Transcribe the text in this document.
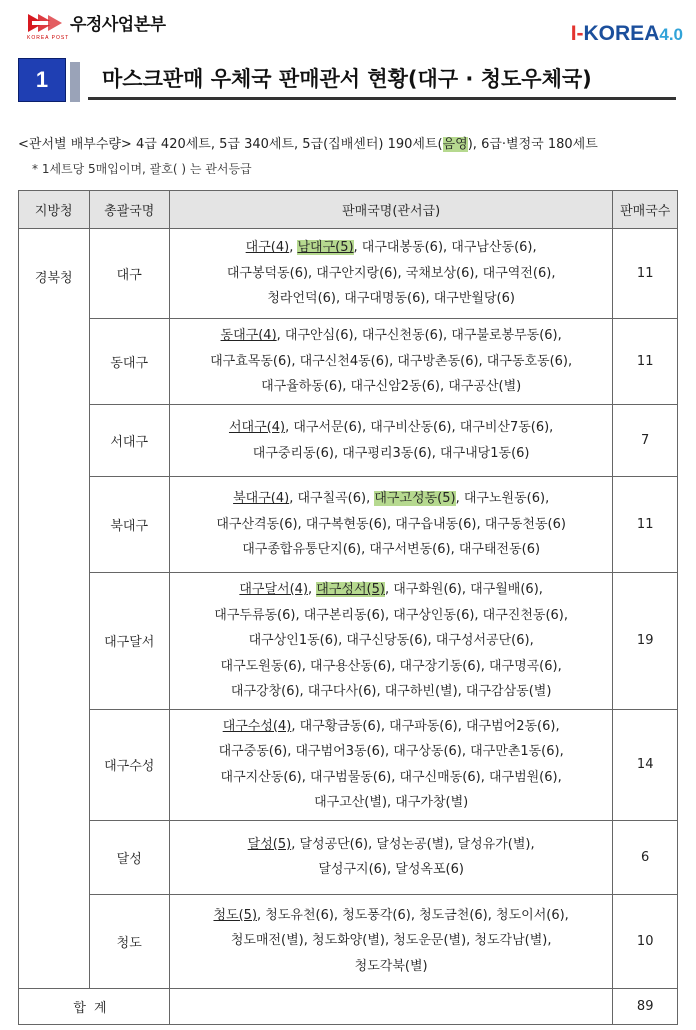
우정사업본부
KOREA POST	I-KOREA4.0
1	마스크판매 우체국 판매관서 현황(대구 · 청도우체국)
<관서별 배부수량> 4급 420세트, 5급 340세트, 5급(집배센터) 190세트(음영), 6급·별정국 180세트
* 1세트당 5매입이며, 괄호( ) 는 관서등급
지방청	총괄국명	판매국명(관서급)	판매국수
경북청	대구	대구(4), 남대구(5), 대구대봉동(6), 대구남산동(6),
대구봉덕동(6), 대구안지랑(6), 국채보상(6), 대구역전(6),
청라언덕(6), 대구대명동(6), 대구반월당(6)	11
	동대구	동대구(4), 대구안심(6), 대구신천동(6), 대구불로봉무동(6),
대구효목동(6), 대구신천4동(6), 대구방촌동(6), 대구동호동(6),
대구율하동(6), 대구신암2동(6), 대구공산(별)	11
	서대구	서대구(4), 대구서문(6), 대구비산동(6), 대구비산7동(6),
대구중리동(6), 대구평리3동(6), 대구내당1동(6)	7
	북대구	북대구(4), 대구칠곡(6), 대구고성동(5), 대구노원동(6),
대구산격동(6), 대구복현동(6), 대구읍내동(6), 대구동천동(6)
대구종합유통단지(6), 대구서변동(6), 대구태전동(6)	11
	대구달서	대구달서(4), 대구성서(5), 대구화원(6), 대구월배(6),
대구두류동(6), 대구본리동(6), 대구상인동(6), 대구진천동(6),
대구상인1동(6), 대구신당동(6), 대구성서공단(6),
대구도원동(6), 대구용산동(6), 대구장기동(6), 대구명곡(6),
대구강창(6), 대구다사(6), 대구하빈(별), 대구감삼동(별)	19
	대구수성	대구수성(4), 대구황금동(6), 대구파동(6), 대구범어2동(6),
대구중동(6), 대구범어3동(6), 대구상동(6), 대구만촌1동(6),
대구지산동(6), 대구범물동(6), 대구신매동(6), 대구범원(6),
대구고산(별), 대구가창(별)	14
	달성	달성(5), 달성공단(6), 달성논공(별), 달성유가(별),
달성구지(6), 달성옥포(6)	6
	청도	청도(5), 청도유천(6), 청도풍각(6), 청도금천(6), 청도이서(6),
청도매전(별), 청도화양(별), 청도운문(별), 청도각남(별),
청도각북(별)	10
합계			89
